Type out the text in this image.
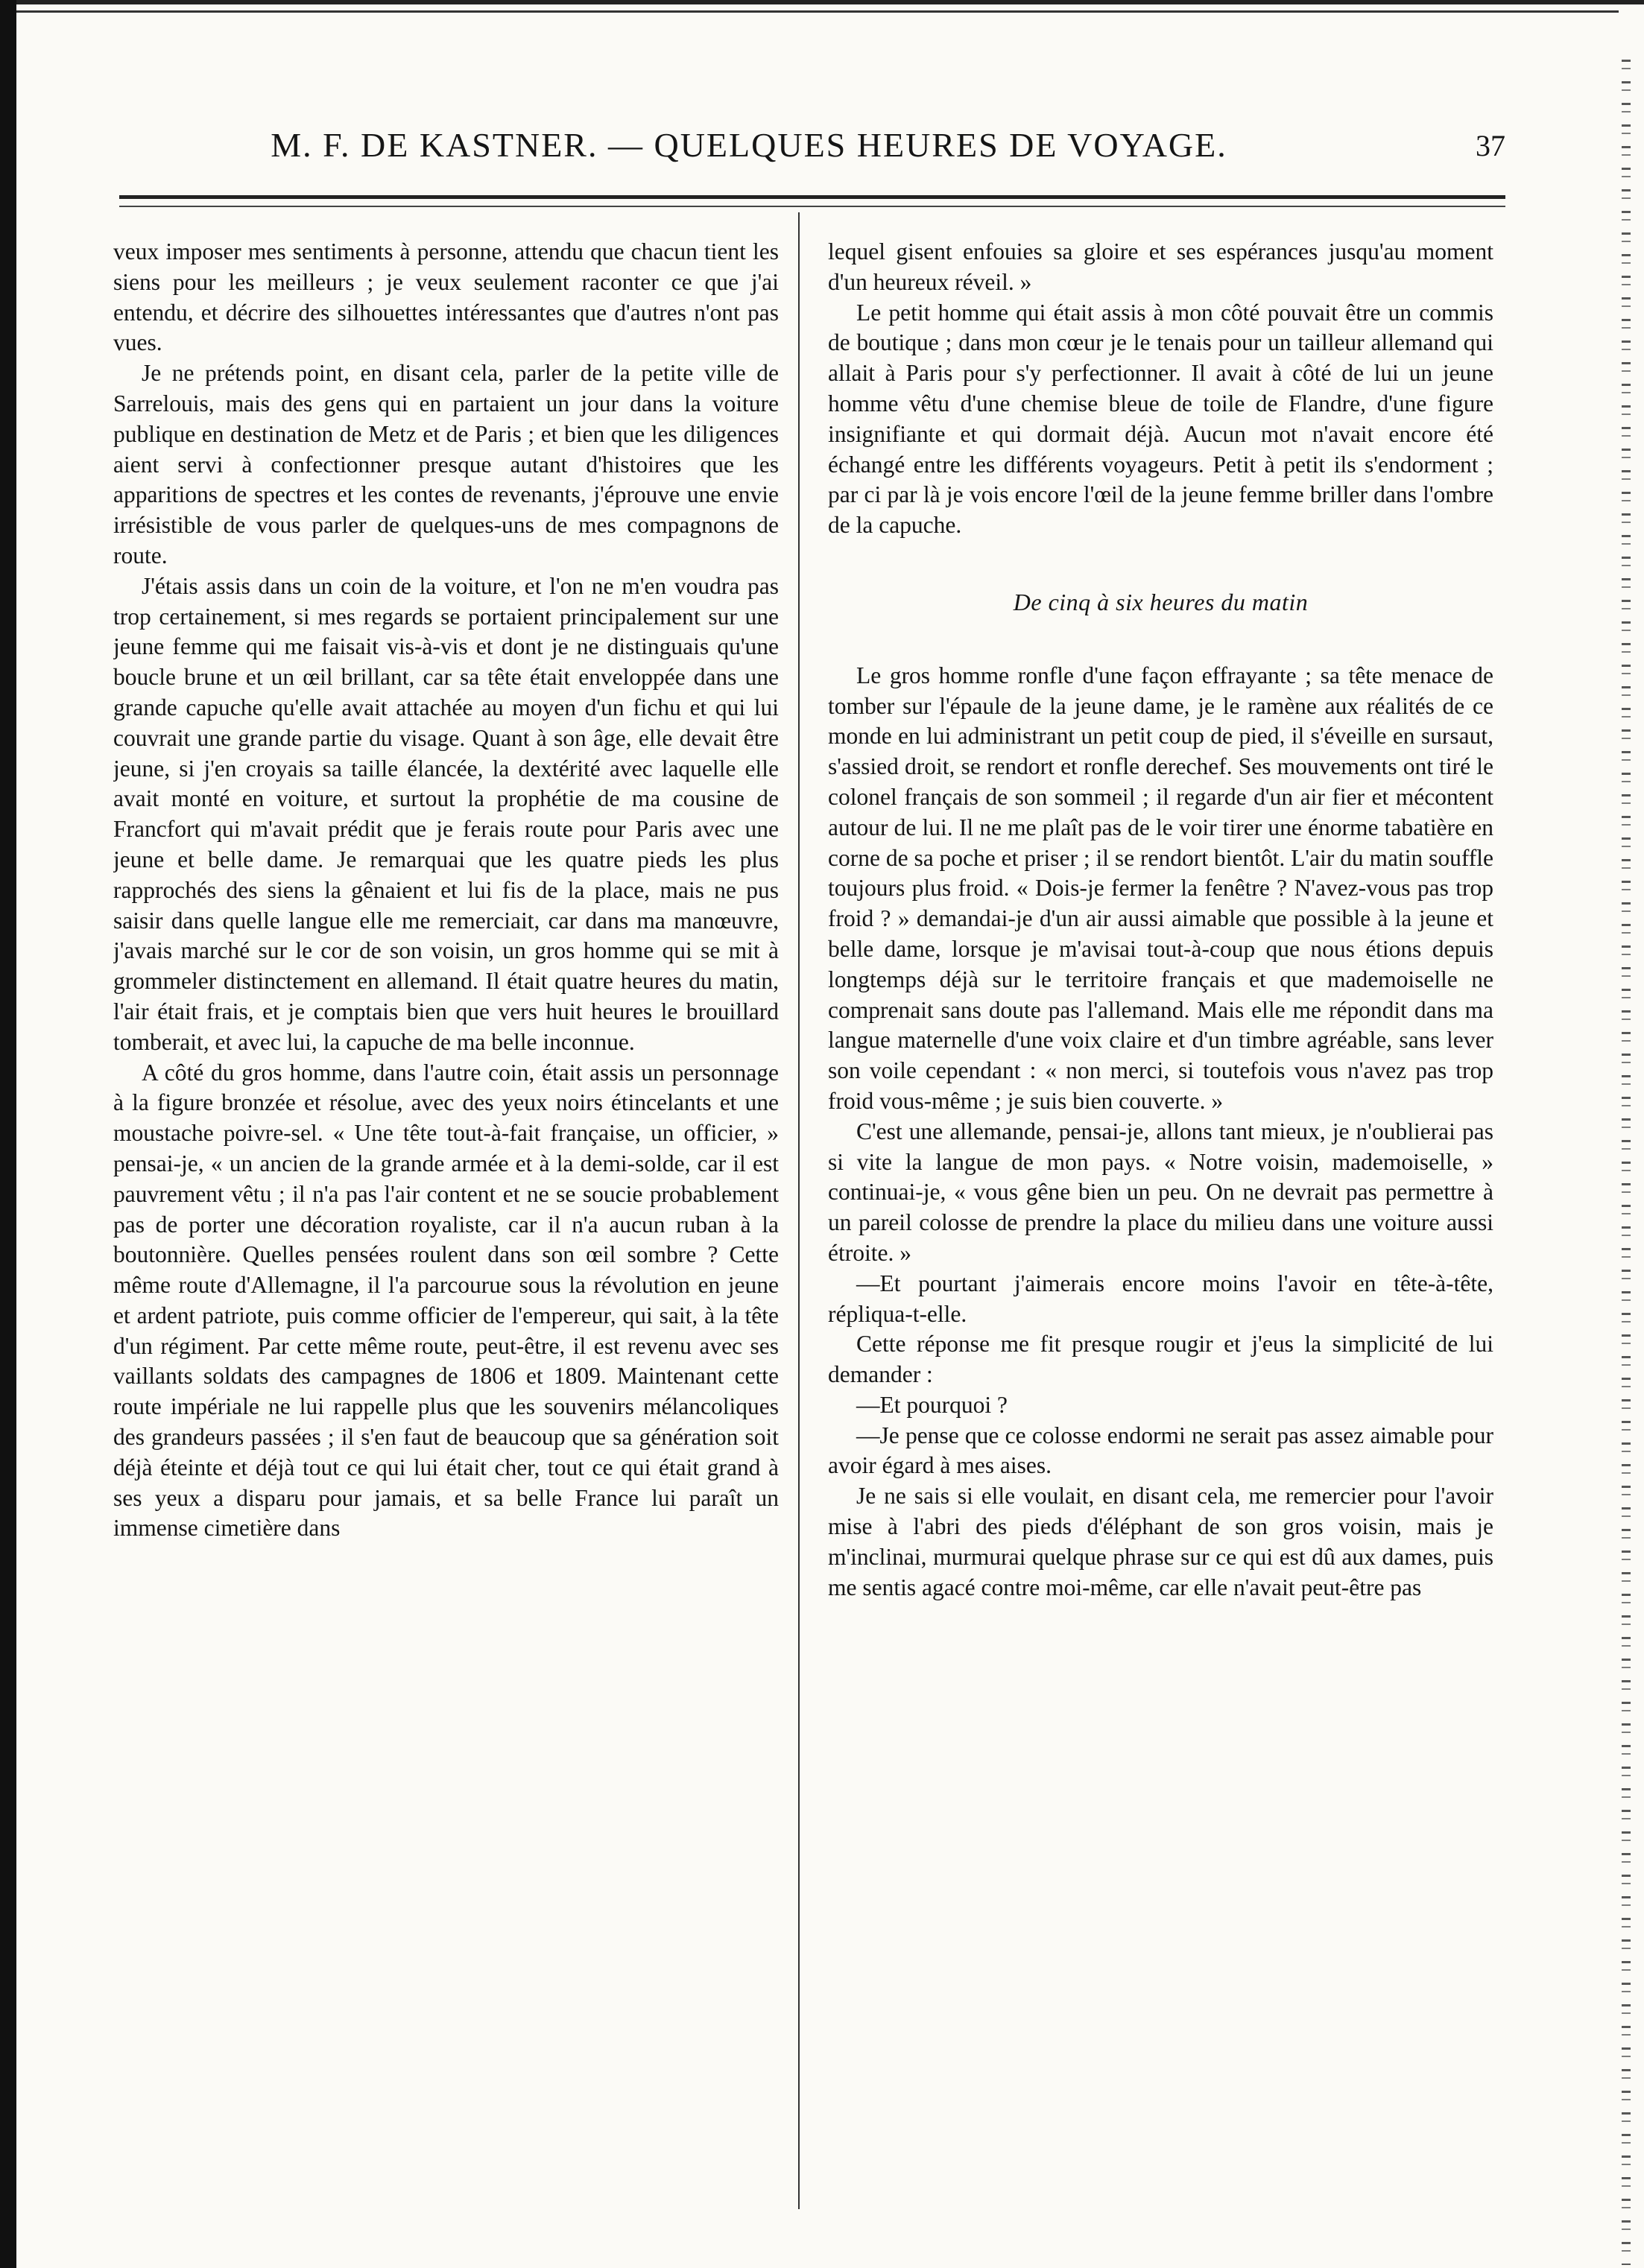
M. F. DE KASTNER. — QUELQUES HEURES DE VOYAGE.	37

veux imposer mes sentiments à personne, attendu que chacun tient les siens pour les meilleurs ; je veux seulement raconter ce que j'ai entendu, et décrire des silhouettes intéressantes que d'autres n'ont pas vues.

Je ne prétends point, en disant cela, parler de la petite ville de Sarrelouis, mais des gens qui en partaient un jour dans la voiture publique en destination de Metz et de Paris ; et bien que les diligences aient servi à confectionner presque autant d'histoires que les apparitions de spectres et les contes de revenants, j'éprouve une envie irrésistible de vous parler de quelques-uns de mes compagnons de route.

J'étais assis dans un coin de la voiture, et l'on ne m'en voudra pas trop certainement, si mes regards se portaient principalement sur une jeune femme qui me faisait vis-à-vis et dont je ne distinguais qu'une boucle brune et un œil brillant, car sa tête était enveloppée dans une grande capuche qu'elle avait attachée au moyen d'un fichu et qui lui couvrait une grande partie du visage. Quant à son âge, elle devait être jeune, si j'en croyais sa taille élancée, la dextérité avec laquelle elle avait monté en voiture, et surtout la prophétie de ma cousine de Francfort qui m'avait prédit que je ferais route pour Paris avec une jeune et belle dame. Je remarquai que les quatre pieds les plus rapprochés des siens la gênaient et lui fis de la place, mais ne pus saisir dans quelle langue elle me remerciait, car dans ma manœuvre, j'avais marché sur le cor de son voisin, un gros homme qui se mit à grommeler distinctement en allemand. Il était quatre heures du matin, l'air était frais, et je comptais bien que vers huit heures le brouillard tomberait, et avec lui, la capuche de ma belle inconnue.

A côté du gros homme, dans l'autre coin, était assis un personnage à la figure bronzée et résolue, avec des yeux noirs étincelants et une moustache poivre-sel. « Une tête tout-à-fait française, un officier, » pensai-je, « un ancien de la grande armée et à la demi-solde, car il est pauvrement vêtu ; il n'a pas l'air content et ne se soucie probablement pas de porter une décoration royaliste, car il n'a aucun ruban à la boutonnière. Quelles pensées roulent dans son œil sombre ? Cette même route d'Allemagne, il l'a parcourue sous la révolution en jeune et ardent patriote, puis comme officier de l'empereur, qui sait, à la tête d'un régiment. Par cette même route, peut-être, il est revenu avec ses vaillants soldats des campagnes de 1806 et 1809. Maintenant cette route impériale ne lui rappelle plus que les souvenirs mélancoliques des grandeurs passées ; il s'en faut de beaucoup que sa génération soit déjà éteinte et déjà tout ce qui lui était cher, tout ce qui était grand à ses yeux a disparu pour jamais, et sa belle France lui paraît un immense cimetière dans

lequel gisent enfouies sa gloire et ses espérances jusqu'au moment d'un heureux réveil. »

Le petit homme qui était assis à mon côté pouvait être un commis de boutique ; dans mon cœur je le tenais pour un tailleur allemand qui allait à Paris pour s'y perfectionner. Il avait à côté de lui un jeune homme vêtu d'une chemise bleue de toile de Flandre, d'une figure insignifiante et qui dormait déjà. Aucun mot n'avait encore été échangé entre les différents voyageurs. Petit à petit ils s'endorment ; par ci par là je vois encore l'œil de la jeune femme briller dans l'ombre de la capuche.

De cinq à six heures du matin

Le gros homme ronfle d'une façon effrayante ; sa tête menace de tomber sur l'épaule de la jeune dame, je le ramène aux réalités de ce monde en lui administrant un petit coup de pied, il s'éveille en sursaut, s'assied droit, se rendort et ronfle derechef. Ses mouvements ont tiré le colonel français de son sommeil ; il regarde d'un air fier et mécontent autour de lui. Il ne me plaît pas de le voir tirer une énorme tabatière en corne de sa poche et priser ; il se rendort bientôt. L'air du matin souffle toujours plus froid. « Dois-je fermer la fenêtre ? N'avez-vous pas trop froid ? » demandai-je d'un air aussi aimable que possible à la jeune et belle dame, lorsque je m'avisai tout-à-coup que nous étions depuis longtemps déjà sur le territoire français et que mademoiselle ne comprenait sans doute pas l'allemand. Mais elle me répondit dans ma langue maternelle d'une voix claire et d'un timbre agréable, sans lever son voile cependant : « non merci, si toutefois vous n'avez pas trop froid vous-même ; je suis bien couverte. »

C'est une allemande, pensai-je, allons tant mieux, je n'oublierai pas si vite la langue de mon pays. « Notre voisin, mademoiselle, » continuai-je, « vous gêne bien un peu. On ne devrait pas permettre à un pareil colosse de prendre la place du milieu dans une voiture aussi étroite. »

—Et pourtant j'aimerais encore moins l'avoir en tête-à-tête, répliqua-t-elle.

Cette réponse me fit presque rougir et j'eus la simplicité de lui demander :

—Et pourquoi ?

—Je pense que ce colosse endormi ne serait pas assez aimable pour avoir égard à mes aises.

Je ne sais si elle voulait, en disant cela, me remercier pour l'avoir mise à l'abri des pieds d'éléphant de son gros voisin, mais je m'inclinai, murmurai quelque phrase sur ce qui est dû aux dames, puis me sentis agacé contre moi-même, car elle n'avait peut-être pas
